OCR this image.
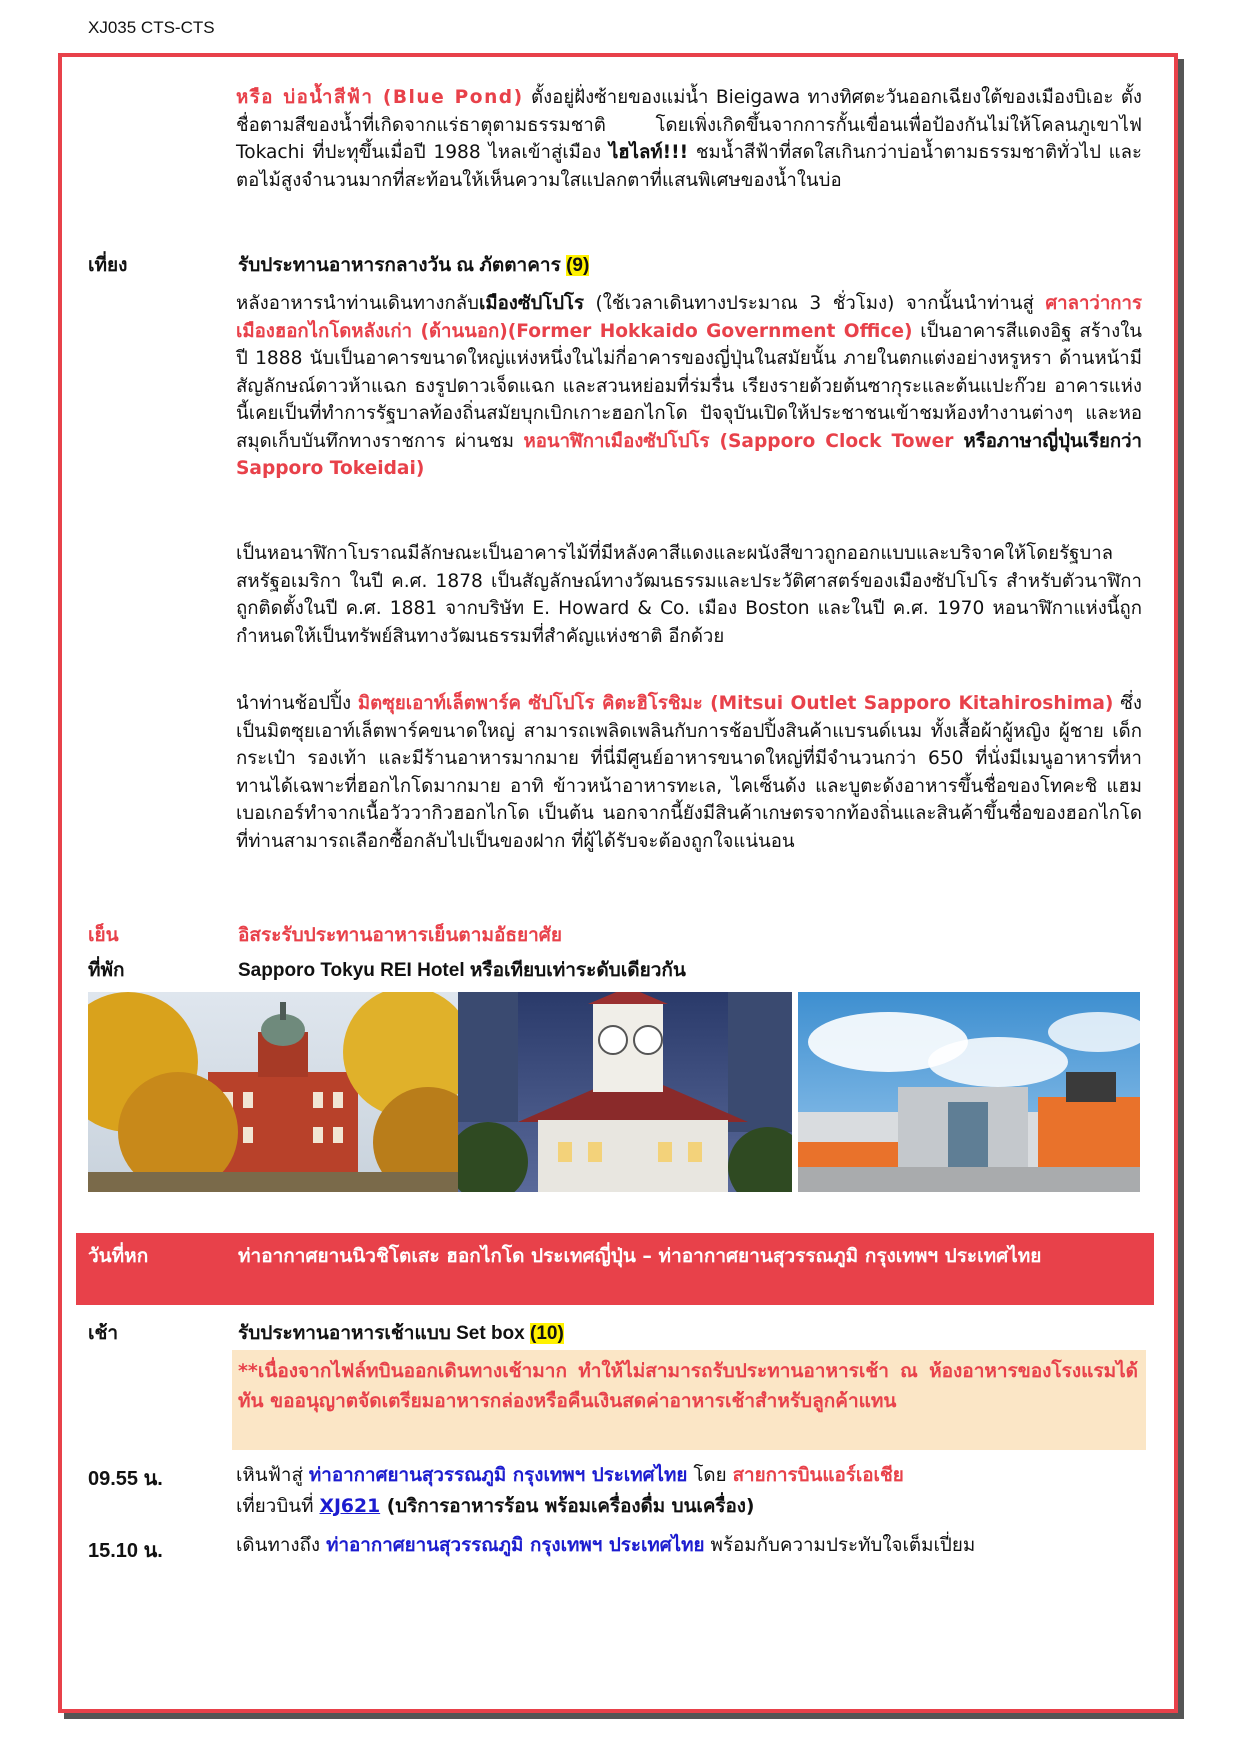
XJ035 CTS-CTS
หรือ บ่อน้ำสีฟ้า (Blue Pond) ตั้งอยู่ฝั่งซ้ายของแม่น้ำ Bieigawa ทางทิศตะวันออกเฉียงใต้ของเมืองบิเอะ ตั้งชื่อตามสีของน้ำที่เกิดจากแร่ธาตุตามธรรมชาติ โดยเพิ่งเกิดขึ้นจากการกั้นเขื่อนเพื่อป้องกันไม่ให้โคลนภูเขาไฟ Tokachi ที่ปะทุขึ้นเมื่อปี 1988 ไหลเข้าสู่เมือง ไฮไลท์!!! ชมน้ำสีฟ้าที่สดใสเกินกว่าบ่อน้ำตามธรรมชาติทั่วไป และตอไม้สูงจำนวนมากที่สะท้อนให้เห็นความใสแปลกตาที่แสนพิเศษของน้ำในบ่อ
เที่ยง	รับประทานอาหารกลางวัน ณ ภัตตาคาร (9)
หลังอาหารนำท่านเดินทางกลับเมืองซัปโปโร (ใช้เวลาเดินทางประมาณ 3 ชั่วโมง) จากนั้นนำท่านสู่ ศาลาว่าการเมืองฮอกไกโดหลังเก่า (ด้านนอก)(Former Hokkaido Government Office) เป็นอาคารสีแดงอิฐ สร้างในปี 1888 นับเป็นอาคารขนาดใหญ่แห่งหนึ่งในไม่กี่อาคารของญี่ปุ่นในสมัยนั้น ภายในตกแต่งอย่างหรูหรา ด้านหน้ามีสัญลักษณ์ดาวห้าแฉก ธงรูปดาวเจ็ดแฉก และสวนหย่อมที่ร่มรื่น เรียงรายด้วยต้นซากุระและต้นแปะก๊วย อาคารแห่งนี้เคยเป็นที่ทำการรัฐบาลท้องถิ่นสมัยบุกเบิกเกาะฮอกไกโด ปัจจุบันเปิดให้ประชาชนเข้าชมห้องทำงานต่างๆ และหอสมุดเก็บบันทึกทางราชการ ผ่านชม หอนาฬิกาเมืองซัปโปโร (Sapporo Clock Tower หรือภาษาญี่ปุ่นเรียกว่า Sapporo Tokeidai)
เป็นหอนาฬิกาโบราณมีลักษณะเป็นอาคารไม้ที่มีหลังคาสีแดงและผนังสีขาวถูกออกแบบและบริจาคให้โดยรัฐบาลสหรัฐอเมริกา ในปี ค.ศ. 1878 เป็นสัญลักษณ์ทางวัฒนธรรมและประวัติศาสตร์ของเมืองซัปโปโร สำหรับตัวนาฬิกาถูกติดตั้งในปี ค.ศ. 1881 จากบริษัท E. Howard & Co. เมือง Boston และในปี ค.ศ. 1970 หอนาฬิกาแห่งนี้ถูกกำหนดให้เป็นทรัพย์สินทางวัฒนธรรมที่สำคัญแห่งชาติ อีกด้วย
นำท่านช้อปปิ้ง มิตซุยเอาท์เล็ตพาร์ค ซัปโปโร คิตะฮิโรชิมะ (Mitsui Outlet Sapporo Kitahiroshima) ซึ่งเป็นมิตซุยเอาท์เล็ตพาร์คขนาดใหญ่ สามารถเพลิดเพลินกับการช้อปปิ้งสินค้าแบรนด์เนม ทั้งเสื้อผ้าผู้หญิง ผู้ชาย เด็ก กระเป๋า รองเท้า และมีร้านอาหารมากมาย ที่นี่มีศูนย์อาหารขนาดใหญ่ที่มีจำนวนกว่า 650 ที่นั่งมีเมนูอาหารที่หาทานได้เฉพาะที่ฮอกไกโดมากมาย อาทิ ข้าวหน้าอาหารทะเล, ไคเซ็นด้ง และบูตะด้งอาหารขึ้นชื่อของโทคะชิ แฮมเบอเกอร์ทำจากเนื้อวัววากิวฮอกไกโด เป็นต้น นอกจากนี้ยังมีสินค้าเกษตรจากท้องถิ่นและสินค้าขึ้นชื่อของฮอกไกโดที่ท่านสามารถเลือกซื้อกลับไปเป็นของฝาก ที่ผู้ได้รับจะต้องถูกใจแน่นอน
เย็น	อิสระรับประทานอาหารเย็นตามอัธยาศัย
ที่พัก	Sapporo Tokyu REI Hotel หรือเทียบเท่าระดับเดียวกัน
วันที่หก	ท่าอากาศยานนิวชิโตเสะ ฮอกไกโด ประเทศญี่ปุ่น – ท่าอากาศยานสุวรรณภูมิ กรุงเทพฯ ประเทศไทย
เช้า	รับประทานอาหารเช้าแบบ Set box (10)
**เนื่องจากไฟล์ทบินออกเดินทางเช้ามาก ทำให้ไม่สามารถรับประทานอาหารเช้า ณ ห้องอาหารของโรงแรมได้ทัน ขออนุญาตจัดเตรียมอาหารกล่องหรือคืนเงินสดค่าอาหารเช้าสำหรับลูกค้าแทน
09.55 น.	เหินฟ้าสู่ ท่าอากาศยานสุวรรณภูมิ กรุงเทพฯ ประเทศไทย โดย สายการบินแอร์เอเชีย
เที่ยวบินที่ XJ621 (บริการอาหารร้อน พร้อมเครื่องดื่ม บนเครื่อง)
15.10 น.	เดินทางถึง ท่าอากาศยานสุวรรณภูมิ กรุงเทพฯ ประเทศไทย พร้อมกับความประทับใจเต็มเปี่ยม
